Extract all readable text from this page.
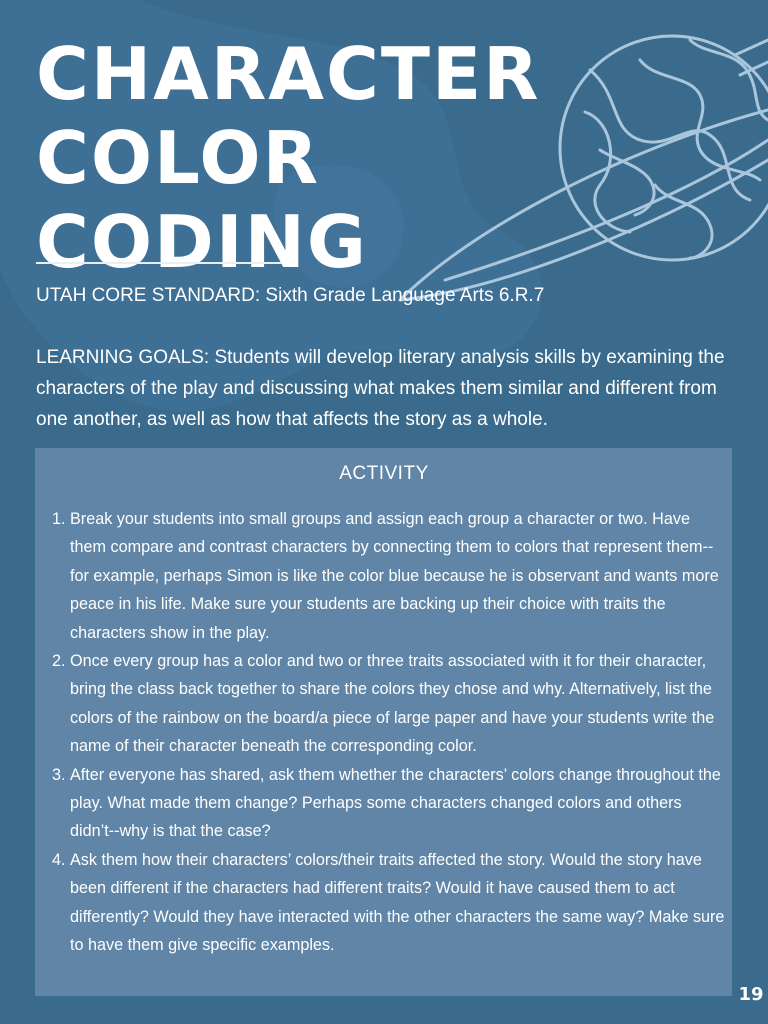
CHARACTER
COLOR CODING
UTAH CORE STANDARD: Sixth Grade Language Arts 6.R.7
LEARNING GOALS: Students will develop literary analysis skills by examining the characters of the play and discussing what makes them similar and different from one another, as well as how that affects the story as a whole.
ACTIVITY
1. Break your students into small groups and assign each group a character or two. Have them compare and contrast characters by connecting them to colors that represent them--for example, perhaps Simon is like the color blue because he is observant and wants more peace in his life. Make sure your students are backing up their choice with traits the characters show in the play.
2. Once every group has a color and two or three traits associated with it for their character, bring the class back together to share the colors they chose and why. Alternatively, list the colors of the rainbow on the board/a piece of large paper and have your students write the name of their character beneath the corresponding color.
3. After everyone has shared, ask them whether the characters’ colors change throughout the play. What made them change? Perhaps some characters changed colors and others didn’t--why is that the case?
4. Ask them how their characters’ colors/their traits affected the story. Would the story have been different if the characters had different traits? Would it have caused them to act differently? Would they have interacted with the other characters the same way? Make sure to have them give specific examples.
19
